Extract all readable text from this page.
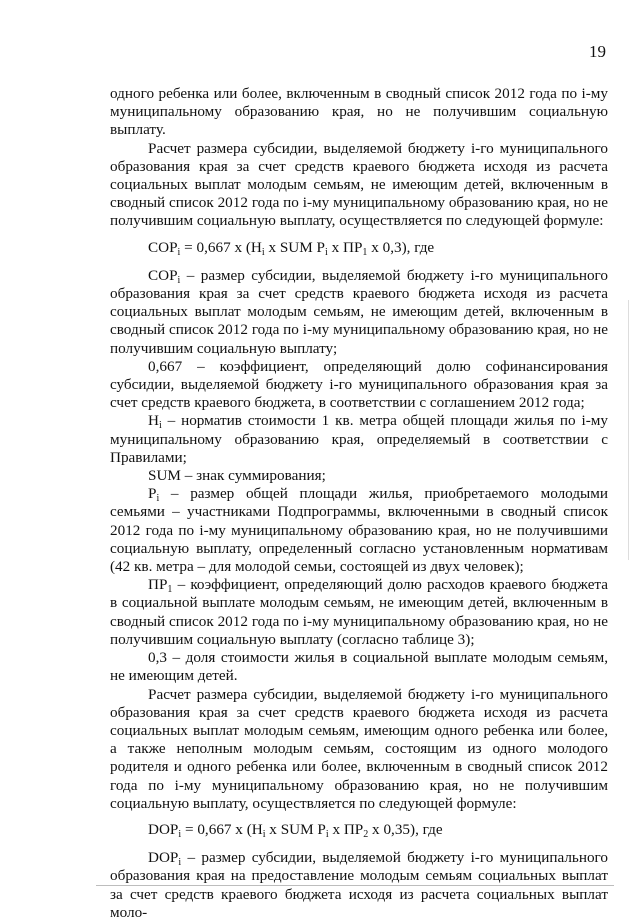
19

одного ребенка или более, включенным в сводный список 2012 года по i-му муниципальному образованию края, но не получившим социальную выплату.

Расчет размера субсидии, выделяемой бюджету i-го муниципального образования края за счет средств краевого бюджета исходя из расчета социальных выплат молодым семьям, не имеющим детей, включенным в сводный список 2012 года по i-му муниципальному образованию края, но не получившим социальную выплату, осуществляется по следующей формуле:

$COP_i = 0,667$ x ($H_i$ x SUM $P_i$ x $ПР_1$ x 0,3), где

$COP_i$ – размер субсидии, выделяемой бюджету i-го муниципального образования края за счет средств краевого бюджета исходя из расчета социальных выплат молодым семьям, не имеющим детей, включенным в сводный список 2012 года по i-му муниципальному образованию края, но не получившим социальную выплату;

0,667 – коэффициент, определяющий долю софинансирования субсидии, выделяемой бюджету i-го муниципального образования края за счет средств краевого бюджета, в соответствии с соглашением 2012 года;

$H_i$ – норматив стоимости 1 кв. метра общей площади жилья по i-му муниципальному образованию края, определяемый в соответствии с Правилами;

SUM – знак суммирования;

$P_i$ – размер общей площади жилья, приобретаемого молодыми семьями – участниками Подпрограммы, включенными в сводный список 2012 года по i-му муниципальному образованию края, но не получившими социальную выплату, определенный согласно установленным нормативам (42 кв. метра – для молодой семьи, состоящей из двух человек);

$ПР_1$ – коэффициент, определяющий долю расходов краевого бюджета в социальной выплате молодым семьям, не имеющим детей, включенным в сводный список 2012 года по i-му муниципальному образованию края, но не получившим социальную выплату (согласно таблице 3);

0,3 – доля стоимости жилья в социальной выплате молодым семьям, не имеющим детей.

Расчет размера субсидии, выделяемой бюджету i-го муниципального образования края за счет средств краевого бюджета исходя из расчета социальных выплат молодым семьям, имеющим одного ребенка или более, а также неполным молодым семьям, состоящим из одного молодого родителя и одного ребенка или более, включенным в сводный список 2012 года по i-му муниципальному образованию края, но не получившим социальную выплату, осуществляется по следующей формуле:

$DOP_i = 0,667$ x ($H_i$ x SUM $P_i$ x $ПР_2$ x 0,35), где

$DOP_i$ – размер субсидии, выделяемой бюджету i-го муниципального образования края на предоставление молодым семьям социальных выплат за счет средств краевого бюджета исходя из расчета социальных выплат моло-
